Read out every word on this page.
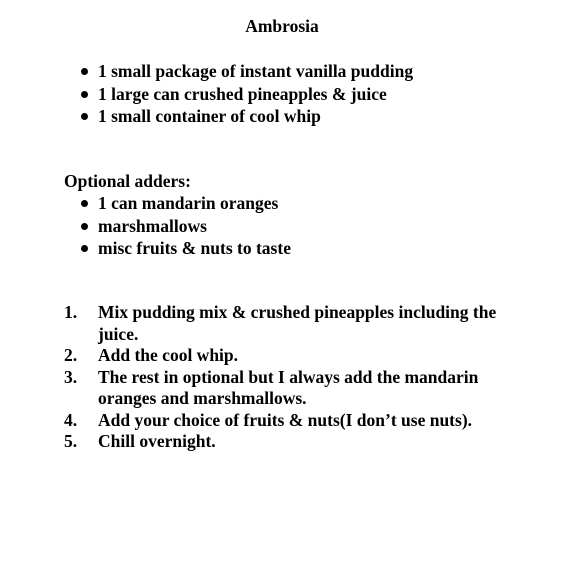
Ambrosia
1 small package of instant vanilla pudding
1 large can crushed pineapples & juice
1 small container of cool whip
Optional adders:
1 can mandarin oranges
marshmallows
misc fruits & nuts to taste
1. Mix pudding mix & crushed pineapples including the juice.
2. Add the cool whip.
3. The rest in optional but I always add the mandarin oranges and marshmallows.
4. Add your choice of fruits & nuts(I don’t use nuts).
5. Chill overnight.
